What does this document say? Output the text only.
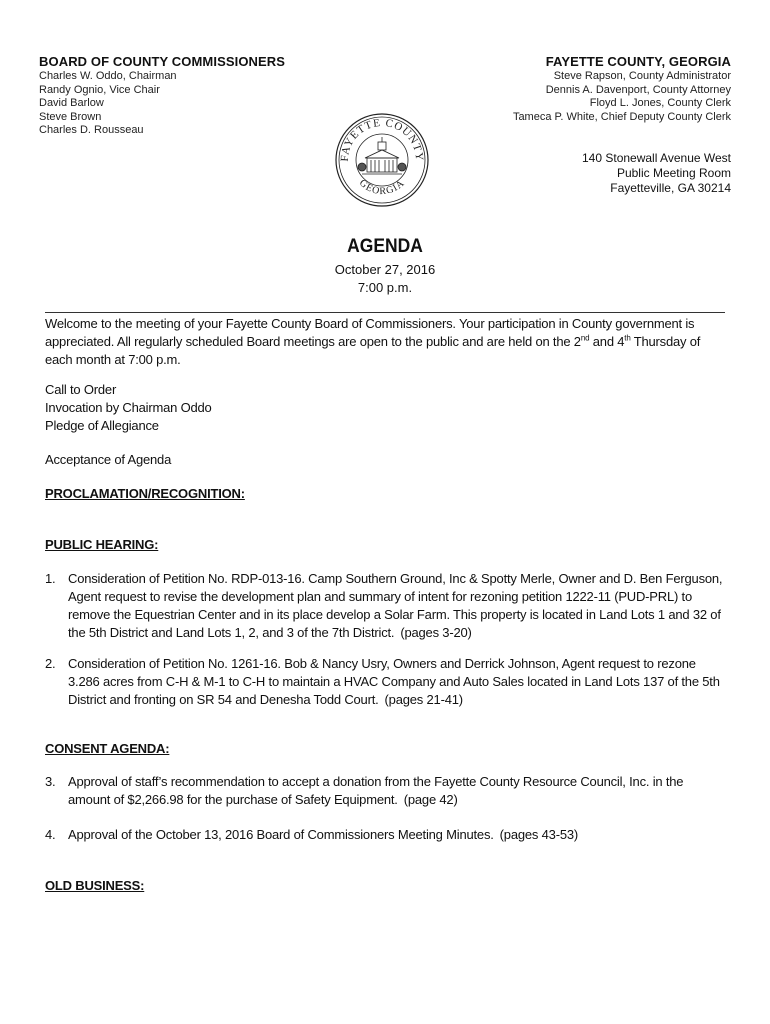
BOARD OF COUNTY COMMISSIONERS
Charles W. Oddo, Chairman
Randy Ognio, Vice Chair
David Barlow
Steve Brown
Charles D. Rousseau
FAYETTE COUNTY, GEORGIA
Steve Rapson, County Administrator
Dennis A. Davenport, County Attorney
Floyd L. Jones, County Clerk
Tameca P. White, Chief Deputy County Clerk
140 Stonewall Avenue West
Public Meeting Room
Fayetteville, GA 30214
FAYETTE COUNTY
GEORGIA
AGENDA
October 27, 2016
7:00 p.m.
Welcome to the meeting of your Fayette County Board of Commissioners. Your participation in County government is appreciated. All regularly scheduled Board meetings are open to the public and are held on the 2nd and 4th Thursday of each month at 7:00 p.m.
Call to Order
Invocation by Chairman Oddo
Pledge of Allegiance
Acceptance of Agenda
PROCLAMATION/RECOGNITION:
PUBLIC HEARING:
1. Consideration of Petition No. RDP-013-16. Camp Southern Ground, Inc & Spotty Merle, Owner and D. Ben Ferguson, Agent request to revise the development plan and summary of intent for rezoning petition 1222-11 (PUD-PRL) to remove the Equestrian Center and in its place develop a Solar Farm. This property is located in Land Lots 1 and 32 of the 5th District and Land Lots 1, 2, and 3 of the 7th District. (pages 3-20)
2. Consideration of Petition No. 1261-16. Bob & Nancy Usry, Owners and Derrick Johnson, Agent request to rezone 3.286 acres from C-H & M-1 to C-H to maintain a HVAC Company and Auto Sales located in Land Lots 137 of the 5th District and fronting on SR 54 and Denesha Todd Court. (pages 21-41)
CONSENT AGENDA:
3. Approval of staff’s recommendation to accept a donation from the Fayette County Resource Council, Inc. in the amount of $2,266.98 for the purchase of Safety Equipment. (page 42)
4. Approval of the October 13, 2016 Board of Commissioners Meeting Minutes. (pages 43-53)
OLD BUSINESS:
